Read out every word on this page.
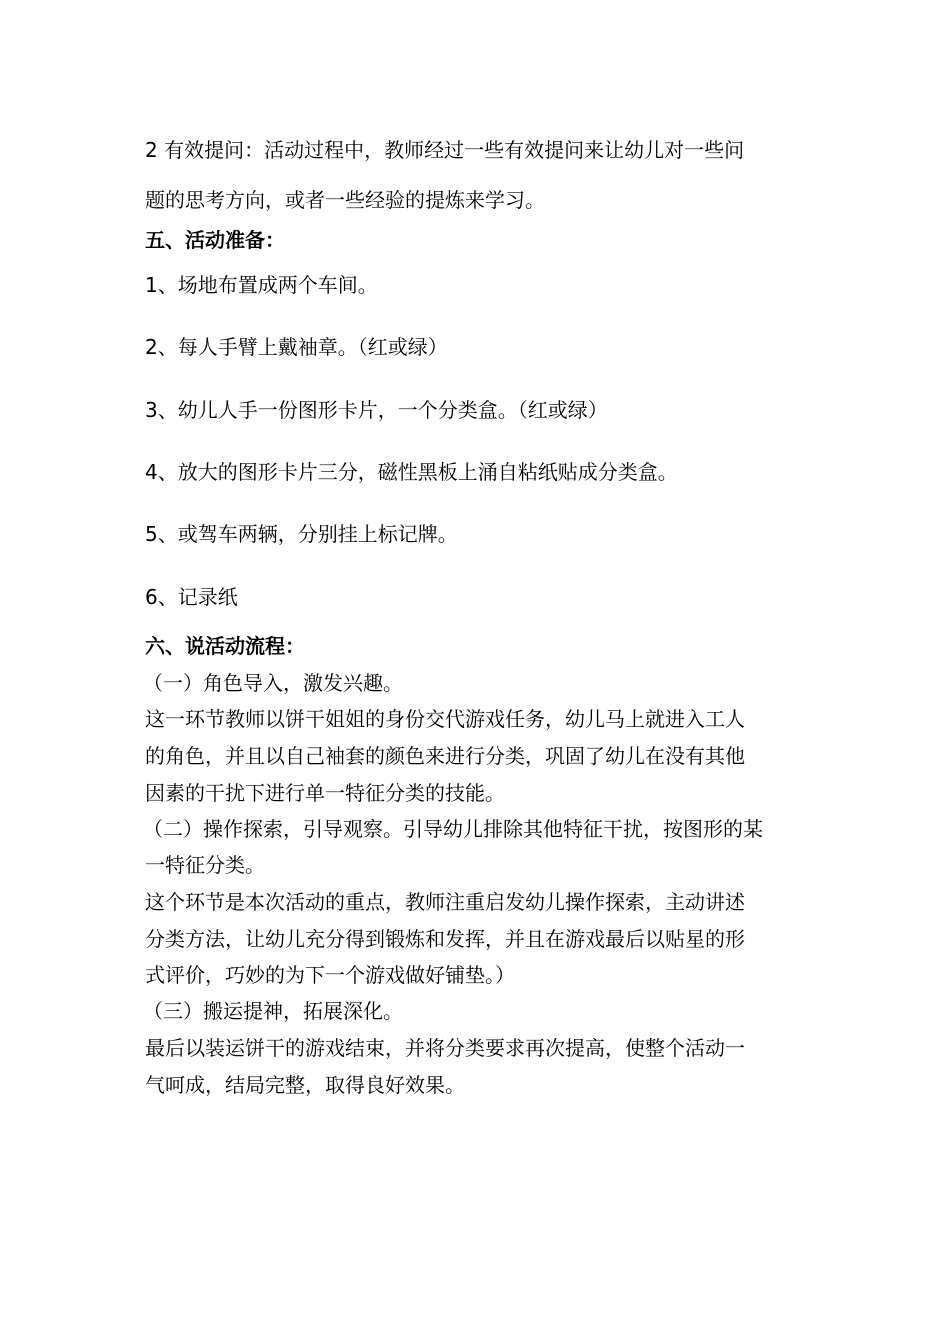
2 有效提问：活动过程中，教师经过一些有效提问来让幼儿对一些问
题的思考方向，或者一些经验的提炼来学习。
五、活动准备：
1、场地布置成两个车间。
2、每人手臂上戴袖章。（红或绿）
3、幼儿人手一份图形卡片，一个分类盒。（红或绿）
4、放大的图形卡片三分，磁性黑板上涌自粘纸贴成分类盒。
5、或驾车两辆，分别挂上标记牌。
6、记录纸
六、说活动流程：
（一）角色导入，激发兴趣。
这一环节教师以饼干姐姐的身份交代游戏任务，幼儿马上就进入工人
的角色，并且以自己袖套的颜色来进行分类，巩固了幼儿在没有其他
因素的干扰下进行单一特征分类的技能。
（二）操作探索，引导观察。引导幼儿排除其他特征干扰，按图形的某
一特征分类。
这个环节是本次活动的重点，教师注重启发幼儿操作探索，主动讲述
分类方法，让幼儿充分得到锻炼和发挥，并且在游戏最后以贴星的形
式评价，巧妙的为下一个游戏做好铺垫。）
（三）搬运提神，拓展深化。
最后以装运饼干的游戏结束，并将分类要求再次提高，使整个活动一
气呵成，结局完整，取得良好效果。
